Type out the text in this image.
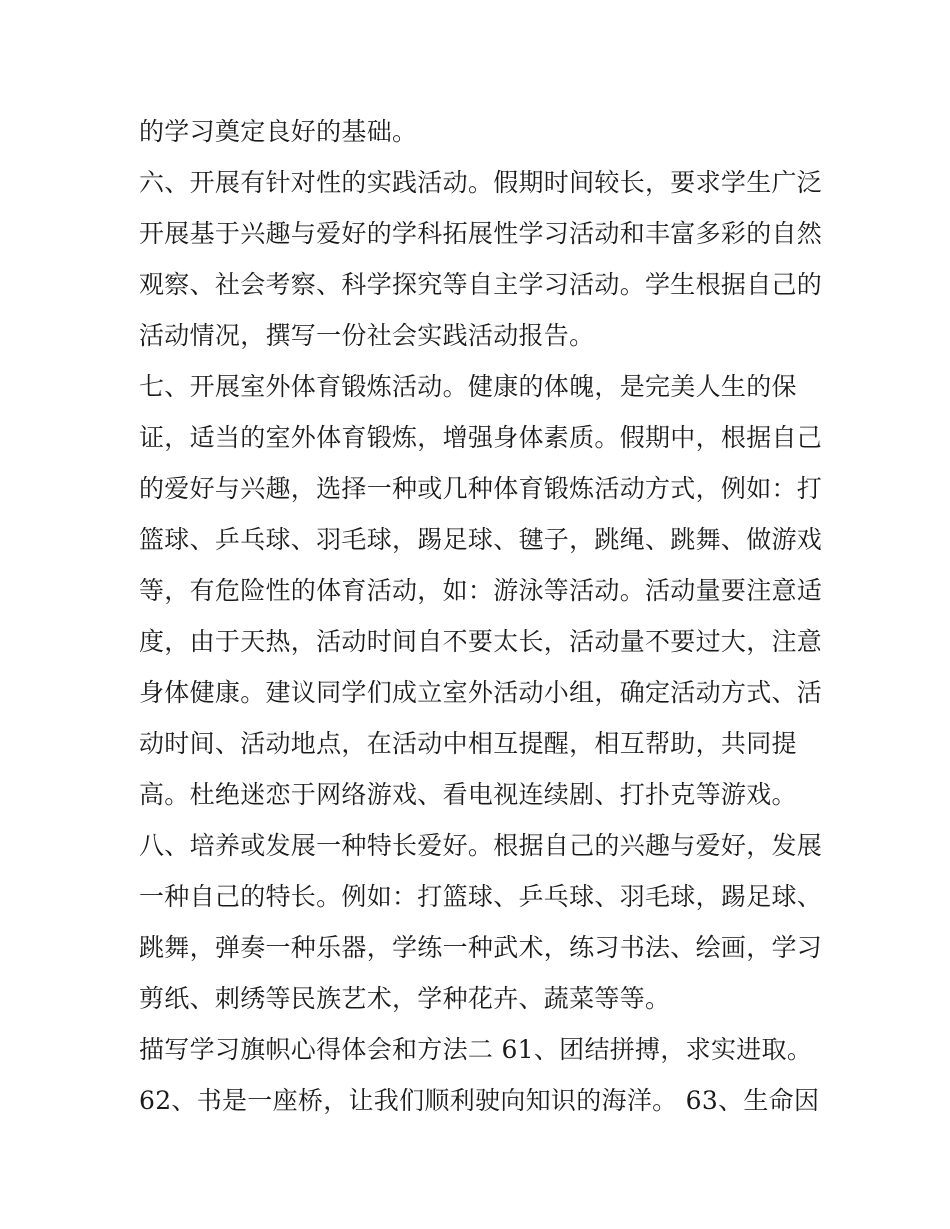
的学习奠定良好的基础。
六、开展有针对性的实践活动。假期时间较长，要求学生广泛
开展基于兴趣与爱好的学科拓展性学习活动和丰富多彩的自然
观察、社会考察、科学探究等自主学习活动。学生根据自己的
活动情况，撰写一份社会实践活动报告。
七、开展室外体育锻炼活动。健康的体魄，是完美人生的保
证，适当的室外体育锻炼，增强身体素质。假期中，根据自己
的爱好与兴趣，选择一种或几种体育锻炼活动方式，例如：打
篮球、乒乓球、羽毛球，踢足球、毽子，跳绳、跳舞、做游戏
等，有危险性的体育活动，如：游泳等活动。活动量要注意适
度，由于天热，活动时间自不要太长，活动量不要过大，注意
身体健康。建议同学们成立室外活动小组，确定活动方式、活
动时间、活动地点，在活动中相互提醒，相互帮助，共同提
高。杜绝迷恋于网络游戏、看电视连续剧、打扑克等游戏。
八、培养或发展一种特长爱好。根据自己的兴趣与爱好，发展
一种自己的特长。例如：打篮球、乒乓球、羽毛球，踢足球、
跳舞，弹奏一种乐器，学练一种武术，练习书法、绘画，学习
剪纸、刺绣等民族艺术，学种花卉、蔬菜等等。
描写学习旗帜心得体会和方法二 61、团结拼搏，求实进取。
62、书是一座桥，让我们顺利驶向知识的海洋。 63、生命因
